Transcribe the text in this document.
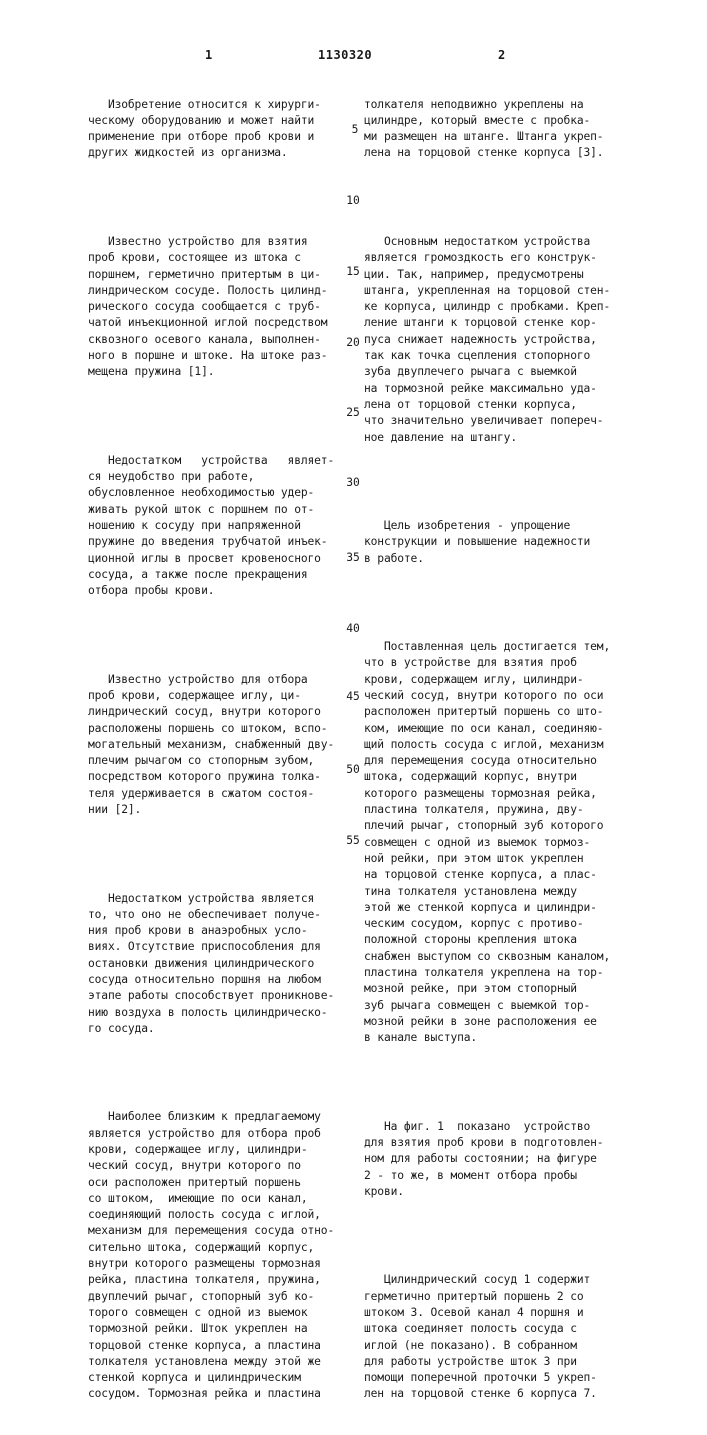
1	1130320	2

Изобретение относится к хирурги-
ческому оборудованию и может найти
применение при отборе проб крови и
других жидкостей из организма.

Известно устройство для взятия
проб крови, состоящее из штока с
поршнем, герметично притертым в ци-
линдрическом сосуде. Полость цилинд-
рического сосуда сообщается с труб-
чатой инъекционной иглой посредством
сквозного осевого канала, выполнен-
ного в поршне и штоке. На штоке раз-
мещена пружина [1].

Недостатком   устройства   являет-
ся неудобство при работе,
обусловленное необходимостью удер-
живать рукой шток с поршнем по от-
ношению к сосуду при напряженной
пружине до введения трубчатой инъек-
ционной иглы в просвет кровеносного
сосуда, а также после прекращения
отбора пробы крови.

Известно устройство для отбора
проб крови, содержащее иглу, ци-
линдрический сосуд, внутри которого
расположены поршень со штоком, вспо-
могательный механизм, снабженный дву-
плечим рычагом со стопорным зубом,
посредством которого пружина толка-
теля удерживается в сжатом состоя-
нии [2].

Недостатком устройства является
то, что оно не обеспечивает получе-
ния проб крови в анаэробных усло-
виях. Отсутствие приспособления для
остановки движения цилиндрического
сосуда относительно поршня на любом
этапе работы способствует проникнове-
нию воздуха в полость цилиндрическо-
го сосуда.

Наиболее близким к предлагаемому
является устройство для отбора проб
крови, содержащее иглу, цилиндри-
ческий сосуд, внутри которого по
оси расположен притертый поршень
со штоком,  имеющие по оси канал,
соединяющий полость сосуда с иглой,
механизм для перемещения сосуда отно-
сительно штока, содержащий корпус,
внутри которого размещены тормозная
рейка, пластина толкателя, пружина,
двуплечий рычаг, стопорный зуб ко-
торого совмещен с одной из выемок
тормозной рейки. Шток укреплен на
торцовой стенке корпуса, а пластина
толкателя установлена между этой же
стенкой корпуса и цилиндрическим
сосудом. Тормозная рейка и пластина

толкателя неподвижно укреплены на
цилиндре, который вместе с пробка-
ми размещен на штанге. Штанга укреп-
лена на торцовой стенке корпуса [3].

Основным недостатком устройства
является громоздкость его конструк-
ции. Так, например, предусмотрены
штанга, укрепленная на торцовой стен-
ке корпуса, цилиндр с пробками. Креп-
ление штанги к торцовой стенке кор-
пуса снижает надежность устройства,
так как точка сцепления стопорного
зуба двуплечего рычага с выемкой
на тормозной рейке максимально уда-
лена от торцовой стенки корпуса,
что значительно увеличивает попереч-
ное давление на штангу.

Цель изобретения - упрощение
конструкции и повышение надежности
в работе.

Поставленная цель достигается тем,
что в устройстве для взятия проб
крови, содержащем иглу, цилиндри-
ческий сосуд, внутри которого по оси
расположен притертый поршень со што-
ком, имеющие по оси канал, соединяю-
щий полость сосуда с иглой, механизм
для перемещения сосуда относительно
штока, содержащий корпус, внутри
которого размещены тормозная рейка,
пластина толкателя, пружина, дву-
плечий рычаг, стопорный зуб которого
совмещен с одной из выемок тормоз-
ной рейки, при этом шток укреплен
на торцовой стенке корпуса, а плас-
тина толкателя установлена между
этой же стенкой корпуса и цилиндри-
ческим сосудом, корпус с противо-
положной стороны крепления штока
снабжен выступом со сквозным каналом,
пластина толкателя укреплена на тор-
мозной рейке, при этом стопорный
зуб рычага совмещен с выемкой тор-
мозной рейки в зоне расположения ее
в канале выступа.

На фиг. 1  показано  устройство
для взятия проб крови в подготовлен-
ном для работы состоянии; на фигуре
2 - то же, в момент отбора пробы
крови.

Цилиндрический сосуд 1 содержит
герметично притертый поршень 2 со
штоком 3. Осевой канал 4 поршня и
штока соединяет полость сосуда с
иглой (не показано). В собранном
для работы устройстве шток 3 при
помощи поперечной проточки 5 укреп-
лен на торцовой стенке 6 корпуса 7.

5
10
15
20
25
30
35
40
45
50
55
